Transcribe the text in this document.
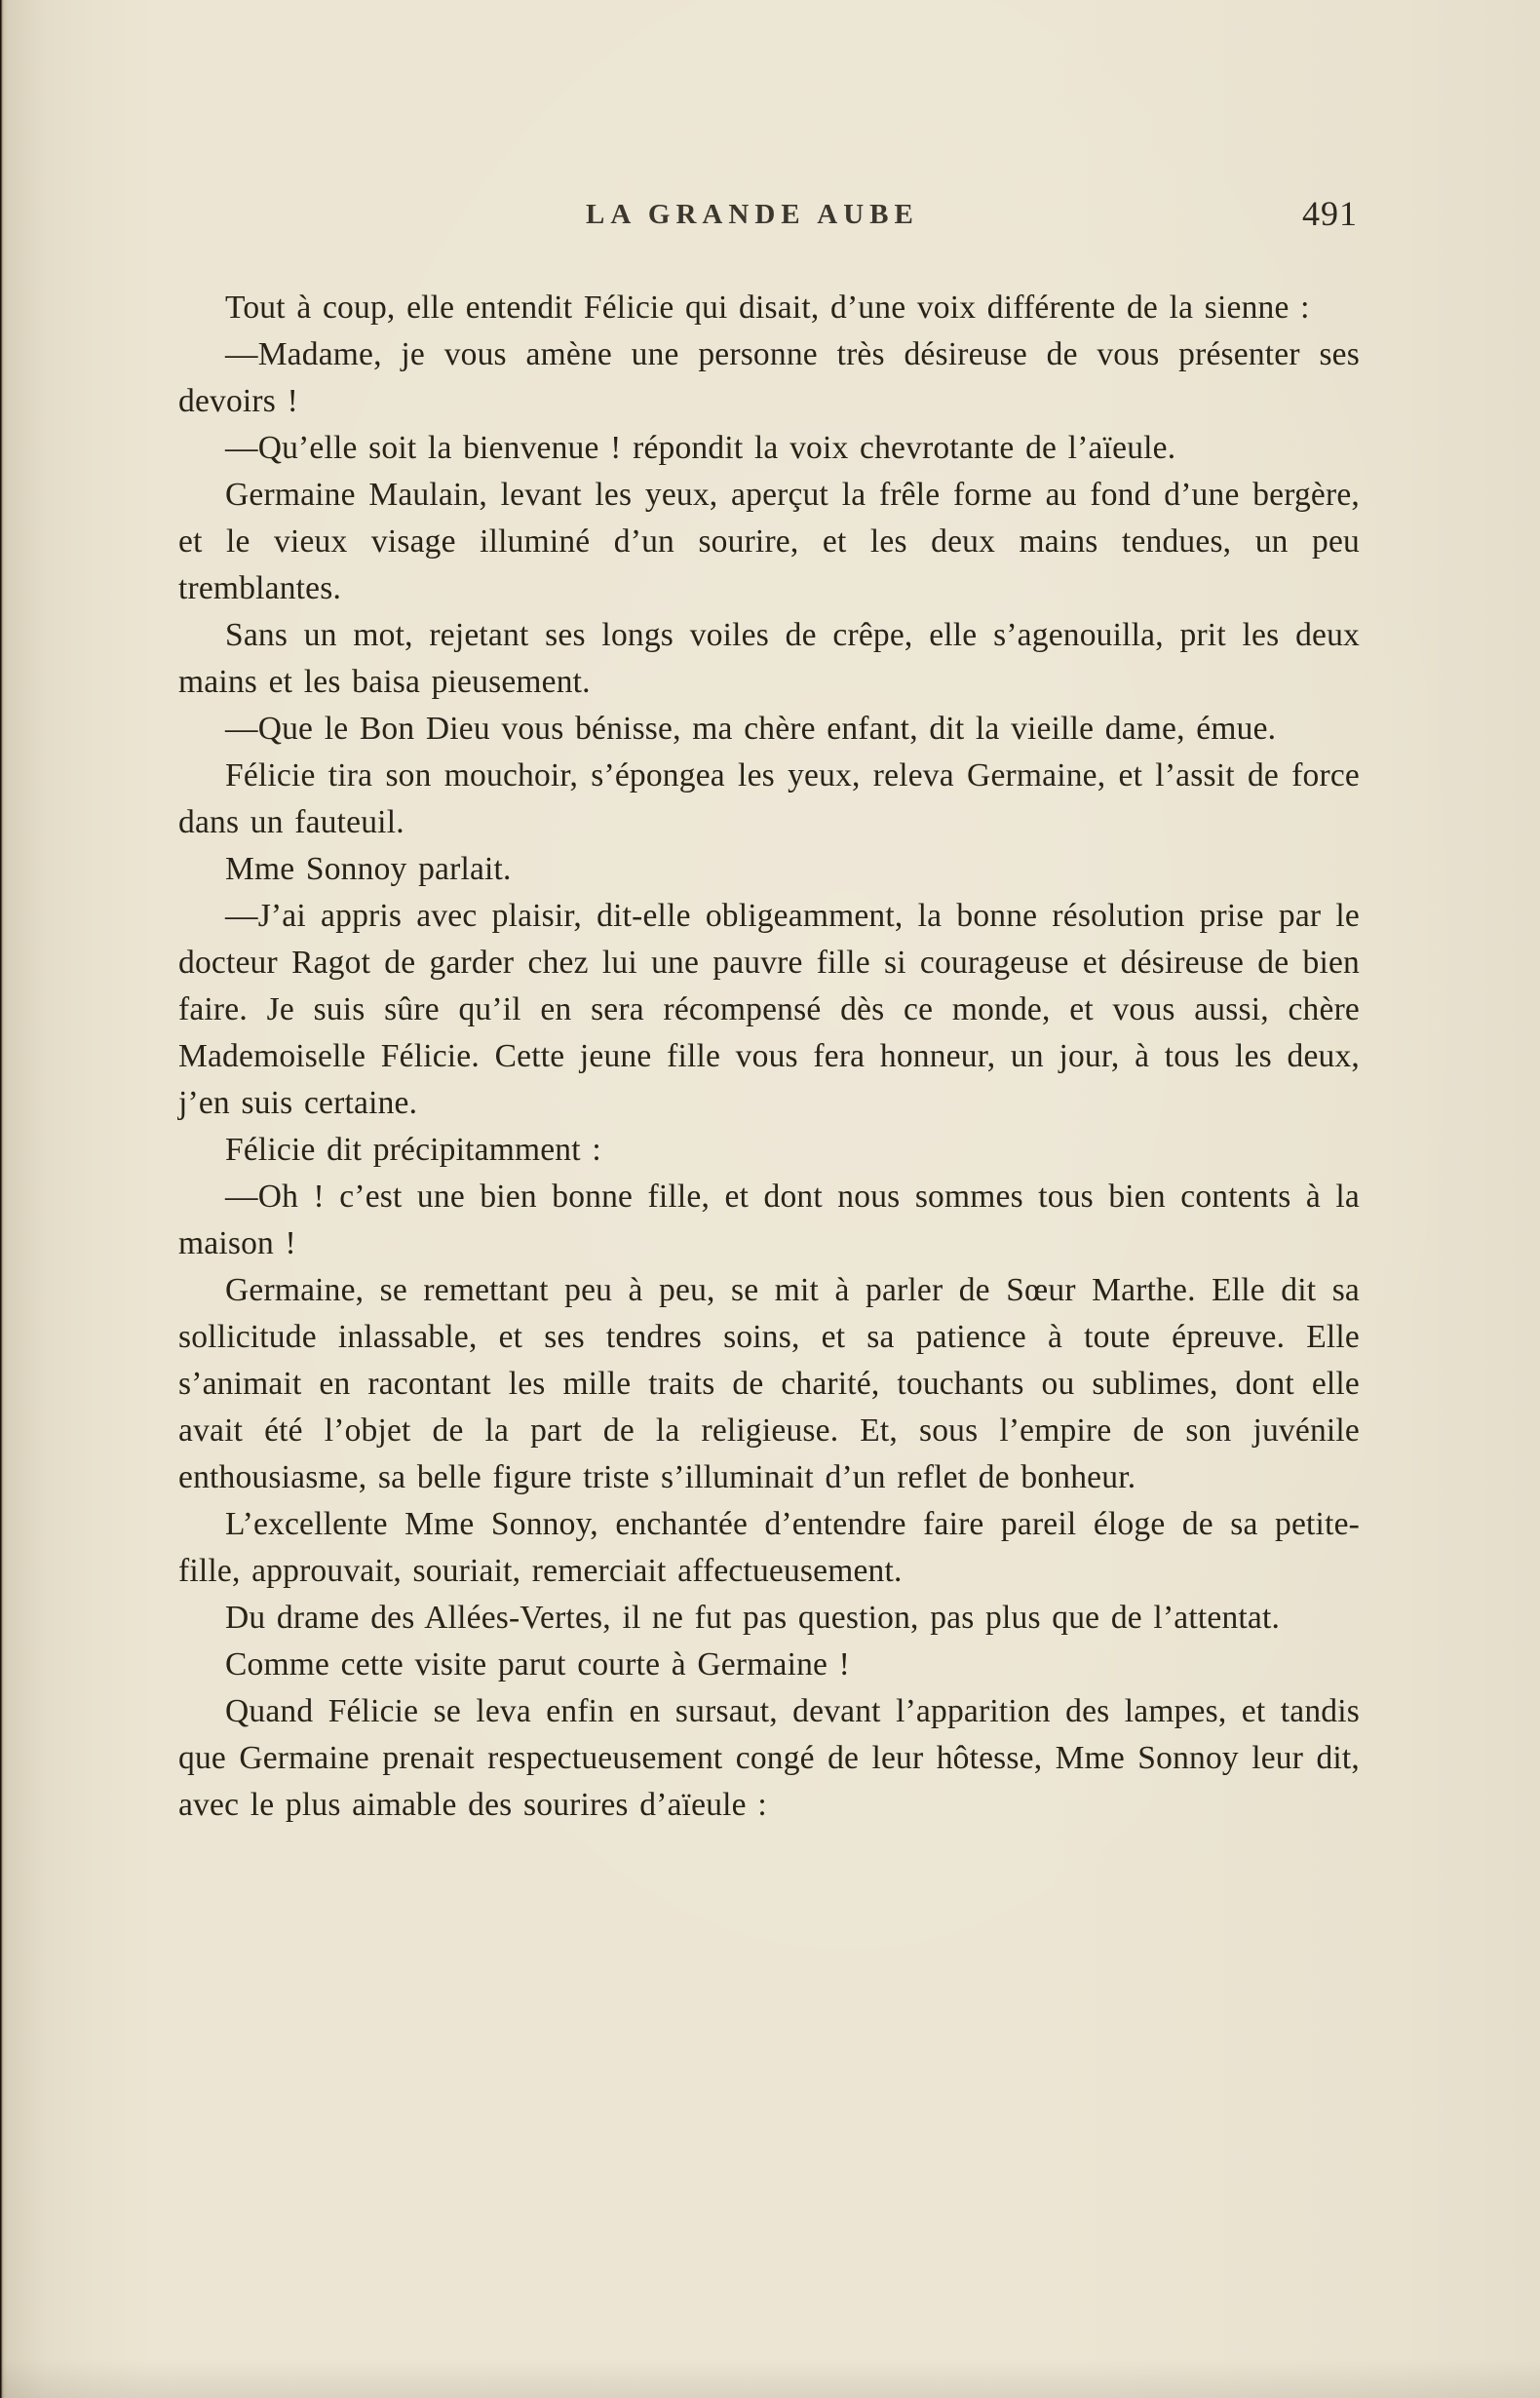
LA GRANDE AUBE	491

Tout à coup, elle entendit Félicie qui disait, d’une voix différente de la sienne :

—Madame, je vous amène une personne très désireuse de vous présenter ses devoirs !

—Qu’elle soit la bienvenue ! répondit la voix chevrotante de l’aïeule.

Germaine Maulain, levant les yeux, aperçut la frêle forme au fond d’une bergère, et le vieux visage illuminé d’un sourire, et les deux mains tendues, un peu tremblantes.

Sans un mot, rejetant ses longs voiles de crêpe, elle s’agenouilla, prit les deux mains et les baisa pieusement.

—Que le Bon Dieu vous bénisse, ma chère enfant, dit la vieille dame, émue.

Félicie tira son mouchoir, s’épongea les yeux, releva Germaine, et l’assit de force dans un fauteuil.

Mme Sonnoy parlait.

—J’ai appris avec plaisir, dit-elle obligeamment, la bonne résolution prise par le docteur Ragot de garder chez lui une pauvre fille si courageuse et désireuse de bien faire. Je suis sûre qu’il en sera récompensé dès ce monde, et vous aussi, chère Mademoiselle Félicie. Cette jeune fille vous fera honneur, un jour, à tous les deux, j’en suis certaine.

Félicie dit précipitamment :

—Oh ! c’est une bien bonne fille, et dont nous sommes tous bien contents à la maison !

Germaine, se remettant peu à peu, se mit à parler de Sœur Marthe. Elle dit sa sollicitude inlassable, et ses tendres soins, et sa patience à toute épreuve. Elle s’animait en racontant les mille traits de charité, touchants ou sublimes, dont elle avait été l’objet de la part de la religieuse. Et, sous l’empire de son juvénile enthousiasme, sa belle figure triste s’illuminait d’un reflet de bonheur.

L’excellente Mme Sonnoy, enchantée d’entendre faire pareil éloge de sa petite-fille, approuvait, souriait, remerciait affectueusement.

Du drame des Allées-Vertes, il ne fut pas question, pas plus que de l’attentat.

Comme cette visite parut courte à Germaine !

Quand Félicie se leva enfin en sursaut, devant l’apparition des lampes, et tandis que Germaine prenait respectueusement congé de leur hôtesse, Mme Sonnoy leur dit, avec le plus aimable des sourires d’aïeule :
